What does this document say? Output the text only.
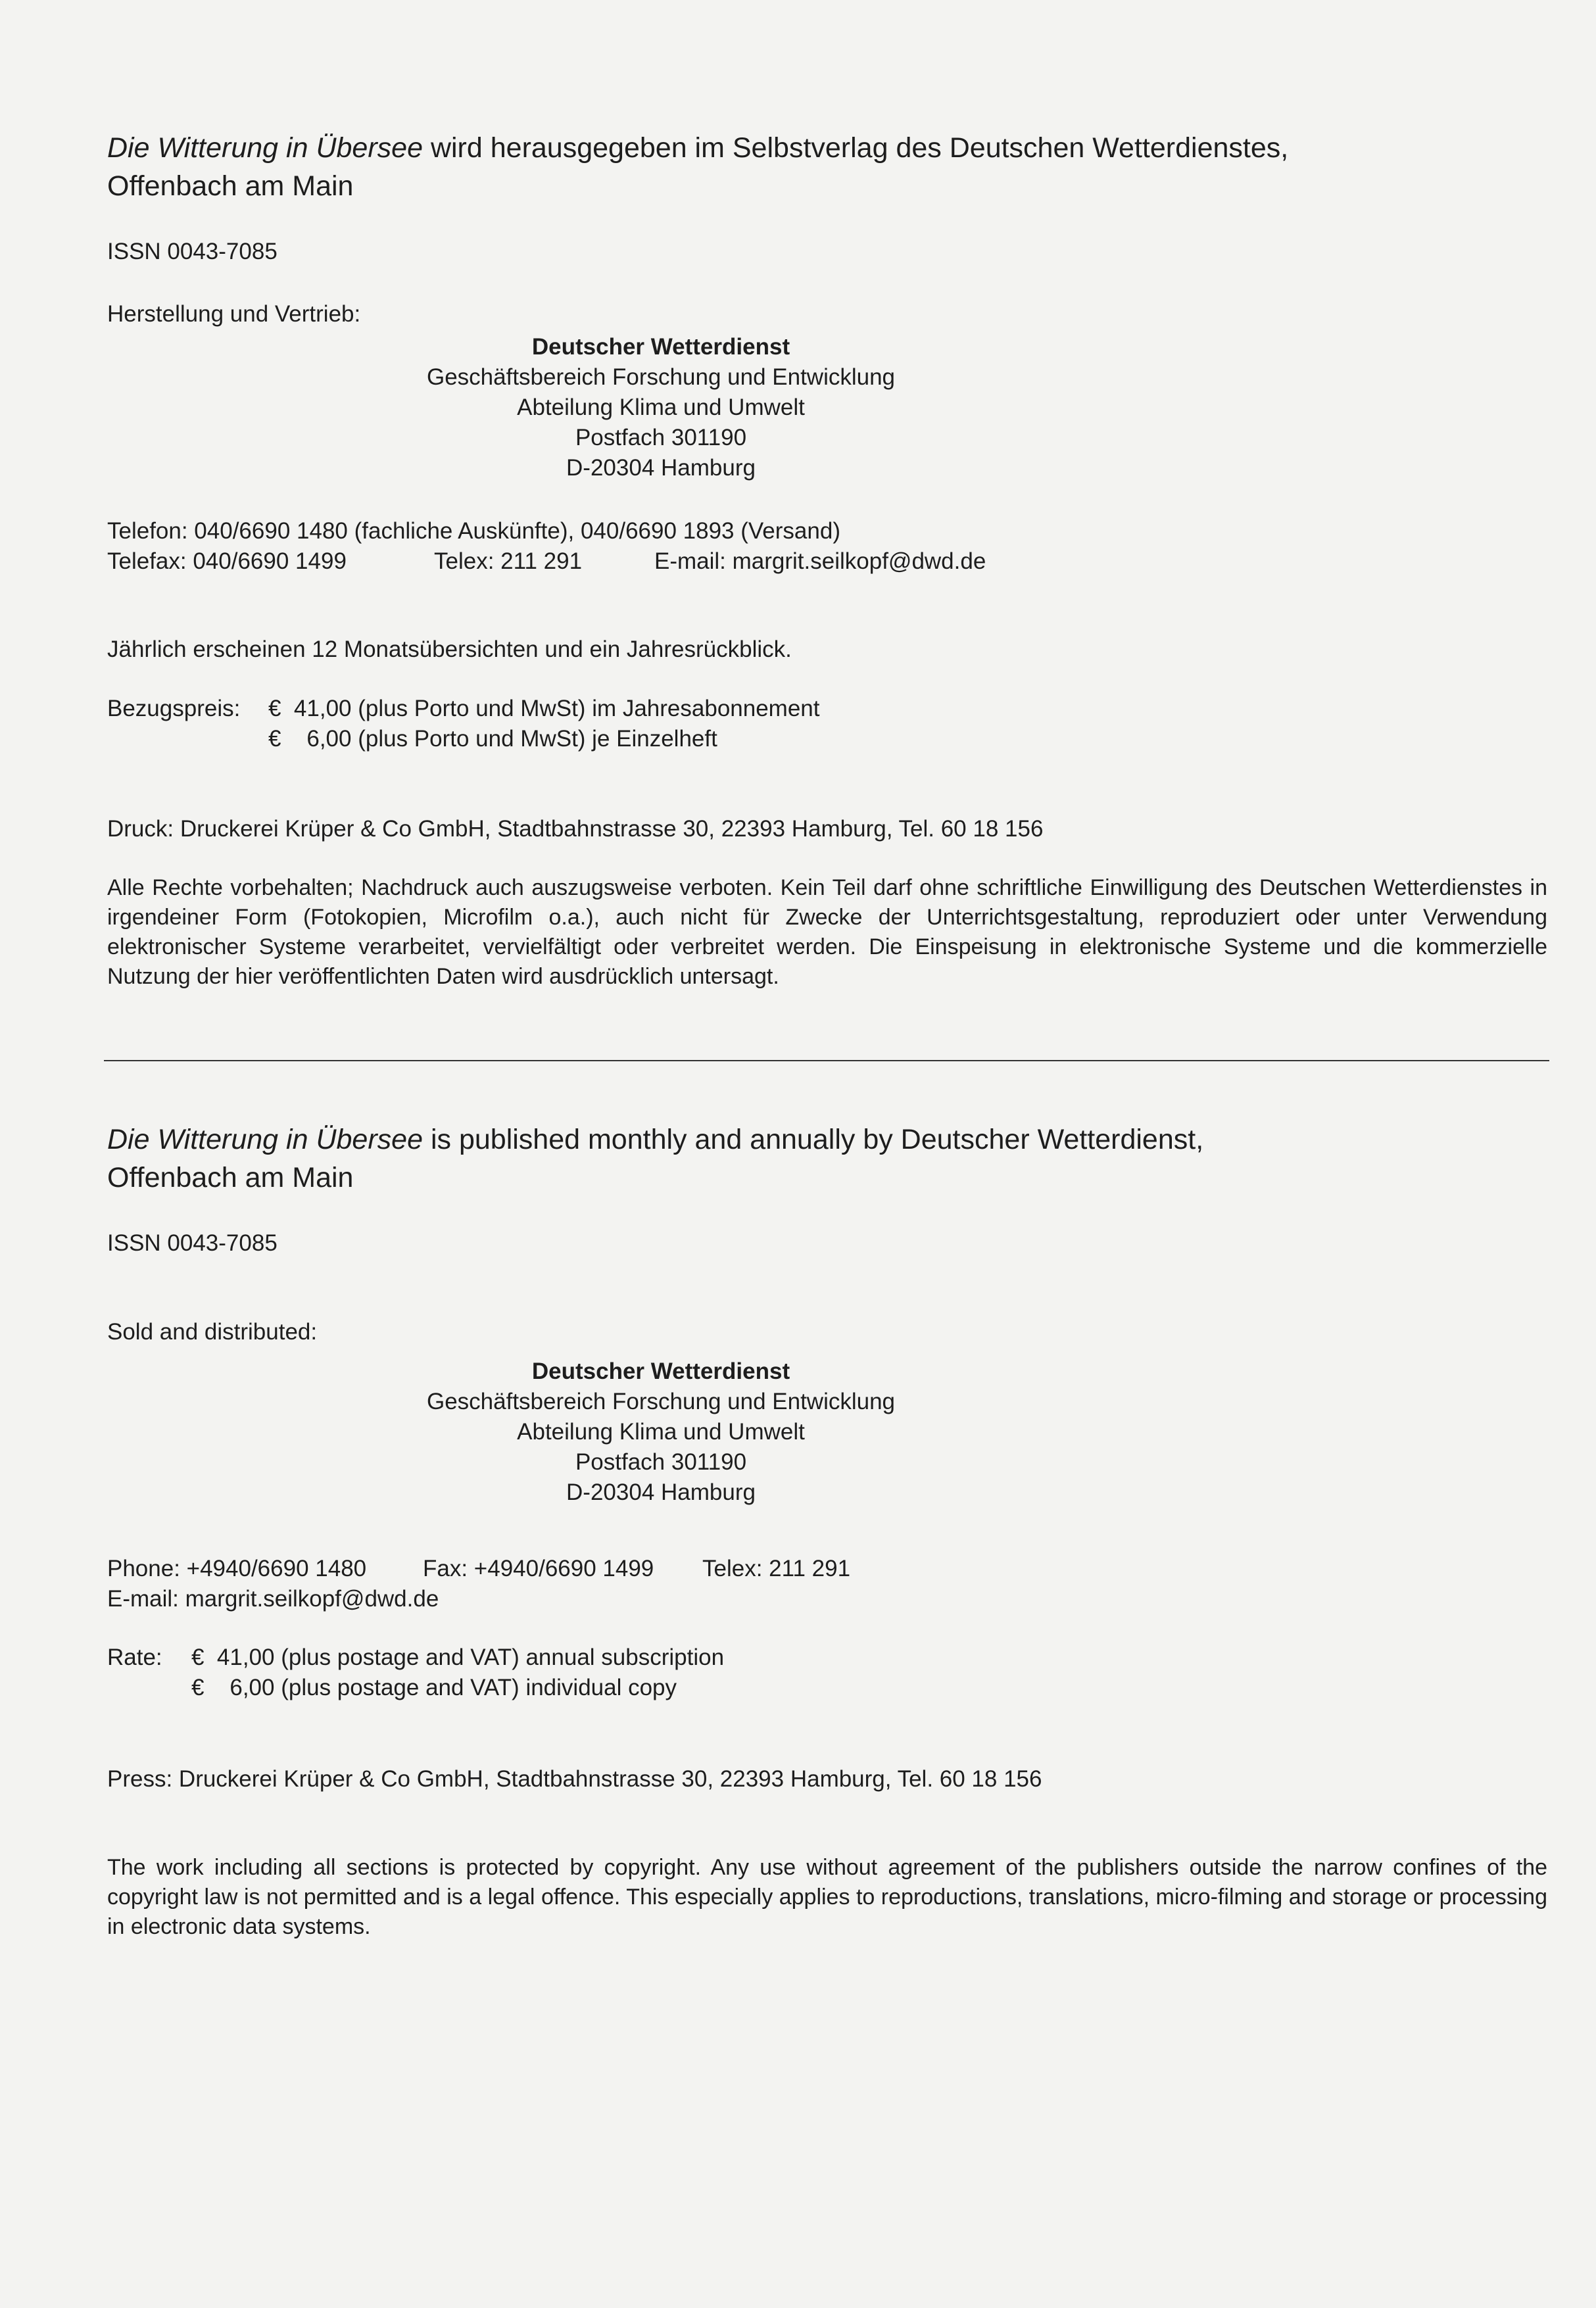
Die Witterung in Übersee wird herausgegeben im Selbstverlag des Deutschen Wetterdienstes,
Offenbach am Main
ISSN 0043-7085
Herstellung und Vertrieb:
Deutscher Wetterdienst
Geschäftsbereich Forschung und Entwicklung
Abteilung Klima und Umwelt
Postfach 301190
D-20304 Hamburg
Telefon: 040/6690 1480 (fachliche Auskünfte), 040/6690 1893 (Versand)
Telefax: 040/6690 1499	Telex: 211 291	E-mail: margrit.seilkopf@dwd.de
Jährlich erscheinen 12 Monatsübersichten und ein Jahresrückblick.
Bezugspreis: €  41,00 (plus Porto und MwSt) im Jahresabonnement
€    6,00 (plus Porto und MwSt) je Einzelheft
Druck: Druckerei Krüper & Co GmbH, Stadtbahnstrasse 30, 22393 Hamburg, Tel. 60 18 156
Alle Rechte vorbehalten; Nachdruck auch auszugsweise verboten. Kein Teil darf ohne schriftliche Einwilligung des Deutschen Wetterdienstes in irgendeiner Form (Fotokopien, Microfilm o.a.), auch nicht für Zwecke der Unterrichtsgestaltung, reproduziert oder unter Verwendung elektronischer Systeme verarbeitet, vervielfältigt oder verbreitet werden. Die Einspeisung in elektronische Systeme und die kommerzielle Nutzung der hier veröffentlichten Daten wird ausdrücklich untersagt.
Die Witterung in Übersee is published monthly and annually by Deutscher Wetterdienst,
Offenbach am Main
ISSN 0043-7085
Sold and distributed:
Deutscher Wetterdienst
Geschäftsbereich Forschung und Entwicklung
Abteilung Klima und Umwelt
Postfach 301190
D-20304 Hamburg
Phone: +4940/6690 1480 Fax: +4940/6690 1499 Telex: 211 291
E-mail: margrit.seilkopf@dwd.de
Rate: €  41,00 (plus postage and VAT) annual subscription
€    6,00 (plus postage and VAT) individual copy
Press: Druckerei Krüper & Co GmbH, Stadtbahnstrasse 30, 22393 Hamburg, Tel. 60 18 156
The work including all sections is protected by copyright. Any use without agreement of the publishers outside the narrow confines of the copyright law is not permitted and is a legal offence. This especially applies to reproductions, translations, micro-filming and storage or processing in electronic data systems.
